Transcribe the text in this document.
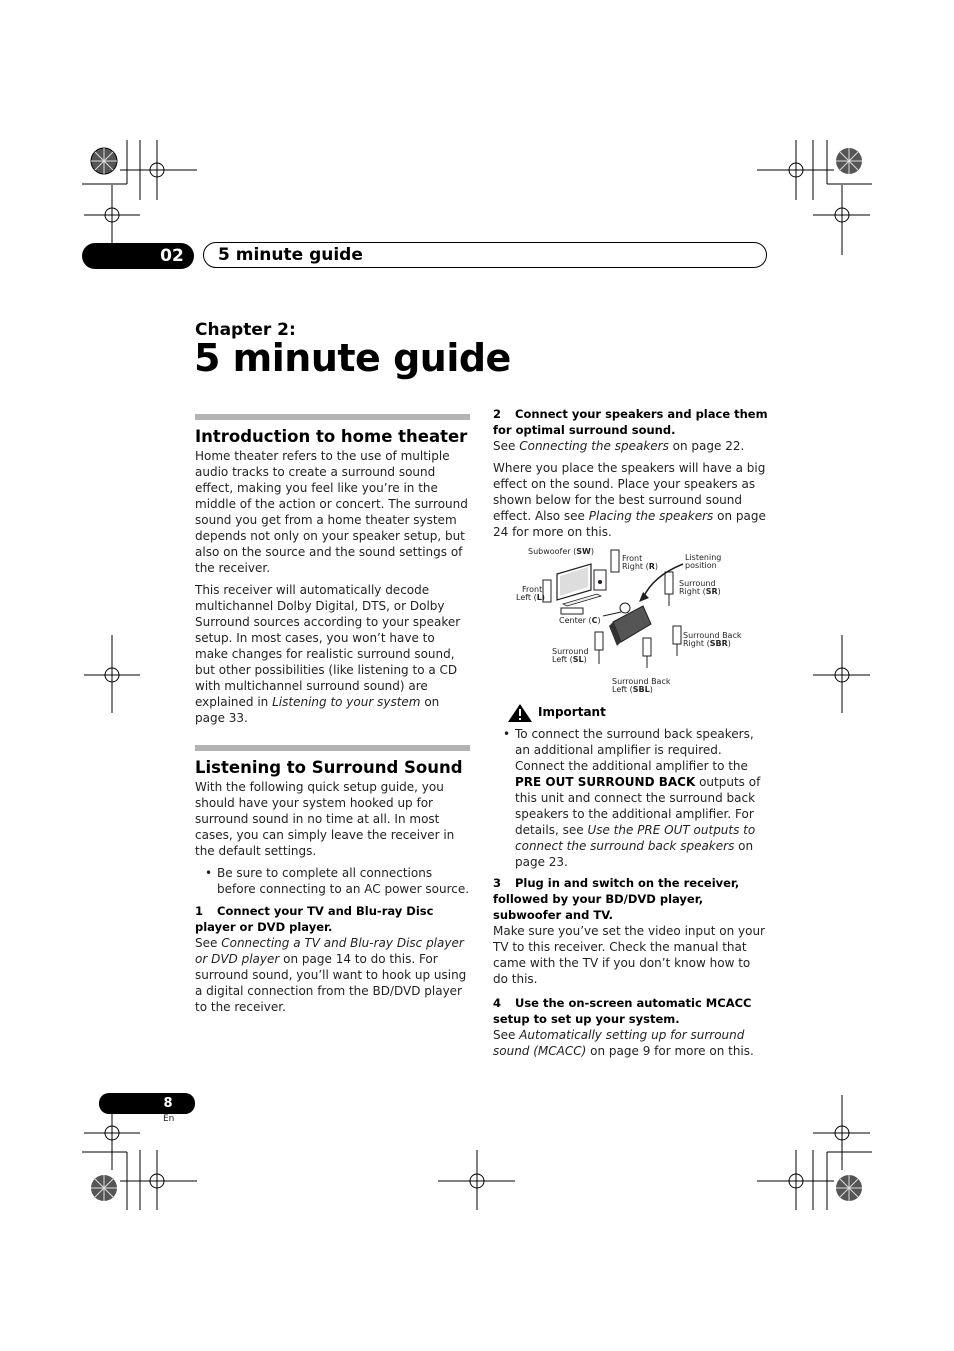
02	5 minute guide
Chapter 2:
5 minute guide
Introduction to home theater

Home theater refers to the use of multiple audio tracks to create a surround sound effect, making you feel like you’re in the middle of the action or concert. The surround sound you get from a home theater system depends not only on your speaker setup, but also on the source and the sound settings of the receiver.

This receiver will automatically decode multichannel Dolby Digital, DTS, or Dolby Surround sources according to your speaker setup. In most cases, you won’t have to make changes for realistic surround sound, but other possibilities (like listening to a CD with multichannel surround sound) are explained in Listening to your system on page 33.

Listening to Surround Sound

With the following quick setup guide, you should have your system hooked up for surround sound in no time at all. In most cases, you can simply leave the receiver in the default settings.

• Be sure to complete all connections before connecting to an AC power source.

1 Connect your TV and Blu-ray Disc player or DVD player.

See Connecting a TV and Blu-ray Disc player or DVD player on page 14 to do this. For surround sound, you’ll want to hook up using a digital connection from the BD/DVD player to the receiver.

2 Connect your speakers and place them for optimal surround sound.

See Connecting the speakers on page 22.

Where you place the speakers will have a big effect on the sound. Place your speakers as shown below for the best surround sound effect. Also see Placing the speakers on page 24 for more on this.

Subwoofer (SW)
Front
Right (R)
Listening
position
Front
Left (L)
Surround
Right (SR)
Center (C)
Surround Back
Right (SBR)
Surround
Left (SL)
Surround Back
Left (SBL)
Important
• To connect the surround back speakers, an additional amplifier is required. Connect the additional amplifier to the PRE OUT SURROUND BACK outputs of this unit and connect the surround back speakers to the additional amplifier. For details, see Use the PRE OUT outputs to connect the surround back speakers on page 23.

3 Plug in and switch on the receiver, followed by your BD/DVD player, subwoofer and TV.

Make sure you’ve set the video input on your TV to this receiver. Check the manual that came with the TV if you don’t know how to do this.

4 Use the on-screen automatic MCACC setup to set up your system.

See Automatically setting up for surround sound (MCACC) on page 9 for more on this.

8
En
